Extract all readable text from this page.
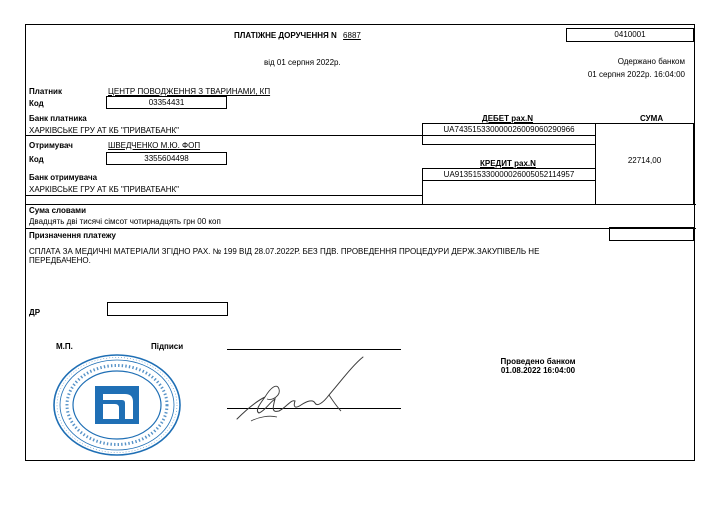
ПЛАТІЖНЕ ДОРУЧЕННЯ N 6887
від 01 серпня 2022р.
0410001
Одержано банком
01 серпня 2022р. 16:04:00
Платник	ЦЕНТР ПОВОДЖЕННЯ З ТВАРИНАМИ, КП
Код	03354431
Банк платника
ХАРКІВСЬКЕ ГРУ АТ КБ "ПРИВАТБАНК"
ДЕБЕТ рах.N	СУМА
UA743515330000026009060290966
22714,00
КРЕДИТ рах.N
UA913515330000026005052114957
Отримувач	ШВЕДЧЕНКО М.Ю. ФОП
Код	3355604498
Банк отримувача
ХАРКІВСЬКЕ ГРУ АТ КБ "ПРИВАТБАНК"
Сума словами
Двадцять дві тисячі сімсот чотирнадцять грн 00 коп
Призначення платежу
СПЛАТА ЗА МЕДИЧНІ МАТЕРІАЛИ ЗГІДНО РАХ. № 199 ВІД 28.07.2022Р. БЕЗ ПДВ. ПРОВЕДЕННЯ ПРОЦЕДУРИ ДЕРЖ.ЗАКУПІВЕЛЬ НЕ
ПЕРЕДБАЧЕНО.
ДР
М.П.	Підписи
Проведено банком
01.08.2022 16:04:00
